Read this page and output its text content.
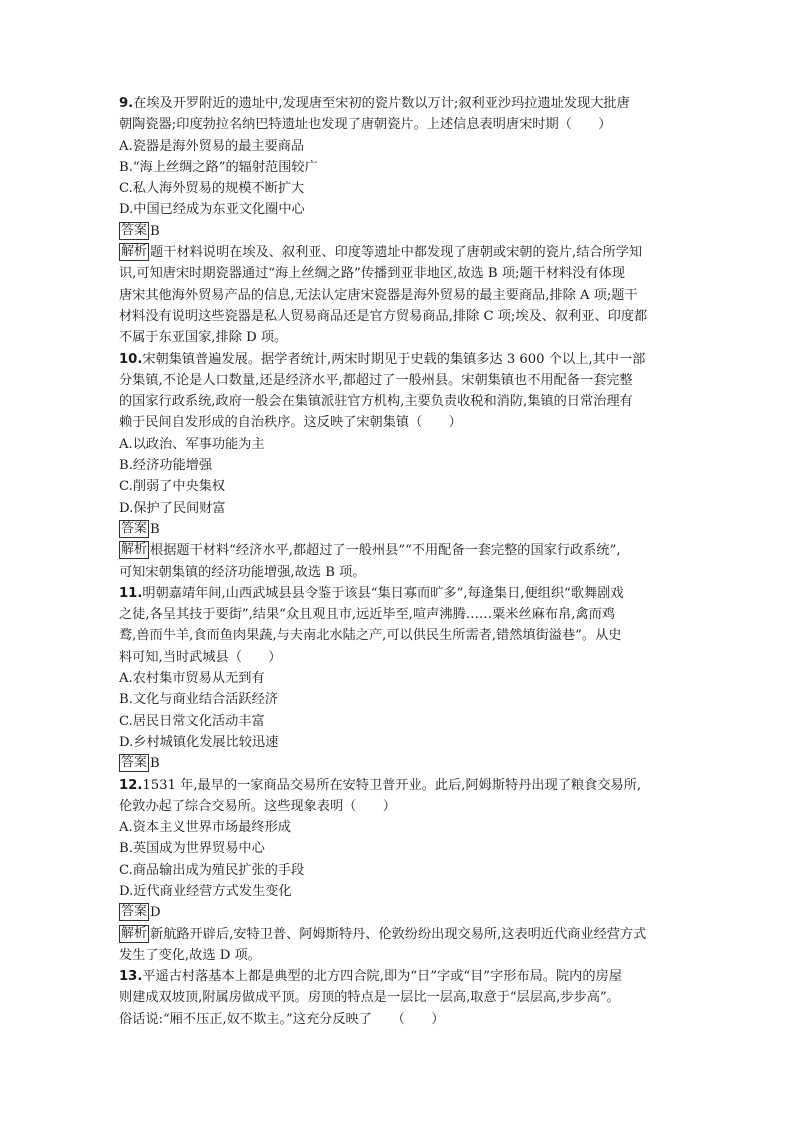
9.在埃及开罗附近的遗址中,发现唐至宋初的瓷片数以万计;叙利亚沙玛拉遗址发现大批唐
朝陶瓷器;印度勃拉名纳巴特遗址也发现了唐朝瓷片。上述信息表明唐宋时期（　　）
A.瓷器是海外贸易的最主要商品
B.“海上丝绸之路”的辐射范围较广
C.私人海外贸易的规模不断扩大
D.中国已经成为东亚文化圈中心
答案 B
解析 题干材料说明在埃及、叙利亚、印度等遗址中都发现了唐朝或宋朝的瓷片,结合所学知
识,可知唐宋时期瓷器通过“海上丝绸之路”传播到亚非地区,故选 B 项;题干材料没有体现
唐宋其他海外贸易产品的信息,无法认定唐宋瓷器是海外贸易的最主要商品,排除 A 项;题干
材料没有说明这些瓷器是私人贸易商品还是官方贸易商品,排除 C 项;埃及、叙利亚、印度都
不属于东亚国家,排除 D 项。
10.宋朝集镇普遍发展。据学者统计,两宋时期见于史载的集镇多达 3 600 个以上,其中一部
分集镇,不论是人口数量,还是经济水平,都超过了一般州县。宋朝集镇也不用配备一套完整
的国家行政系统,政府一般会在集镇派驻官方机构,主要负责收税和消防,集镇的日常治理有
赖于民间自发形成的自治秩序。这反映了宋朝集镇（　　）
A.以政治、军事功能为主
B.经济功能增强
C.削弱了中央集权
D.保护了民间财富
答案 B
解析 根据题干材料“经济水平,都超过了一般州县”“不用配备一套完整的国家行政系统”,
可知宋朝集镇的经济功能增强,故选 B 项。
11.明朝嘉靖年间,山西武城县县令鉴于该县“集日寡而旷多”,每逢集日,便组织“歌舞剧戏
之徒,各呈其技于要街”,结果“众且观且市,远近毕至,喧声沸腾……粟米丝麻布帛,禽而鸡
鹜,兽而牛羊,食而鱼肉果蔬,与夫南北水陆之产,可以供民生所需者,错然填街溢巷”。从史
料可知,当时武城县（　　）
A.农村集市贸易从无到有
B.文化与商业结合活跃经济
C.居民日常文化活动丰富
D.乡村城镇化发展比较迅速
答案 B
12.1531 年,最早的一家商品交易所在安特卫普开业。此后,阿姆斯特丹出现了粮食交易所,
伦敦办起了综合交易所。这些现象表明（　　）
A.资本主义世界市场最终形成
B.英国成为世界贸易中心
C.商品输出成为殖民扩张的手段
D.近代商业经营方式发生变化
答案 D
解析 新航路开辟后,安特卫普、阿姆斯特丹、伦敦纷纷出现交易所,这表明近代商业经营方式
发生了变化,故选 D 项。
13.平遥古村落基本上都是典型的北方四合院,即为“日”字或“目”字形布局。院内的房屋
则建成双坡顶,附属房做成平顶。房顶的特点是一层比一层高,取意于“层层高,步步高”。
俗话说:“厢不压正,奴不欺主。”这充分反映了　　（　　）
